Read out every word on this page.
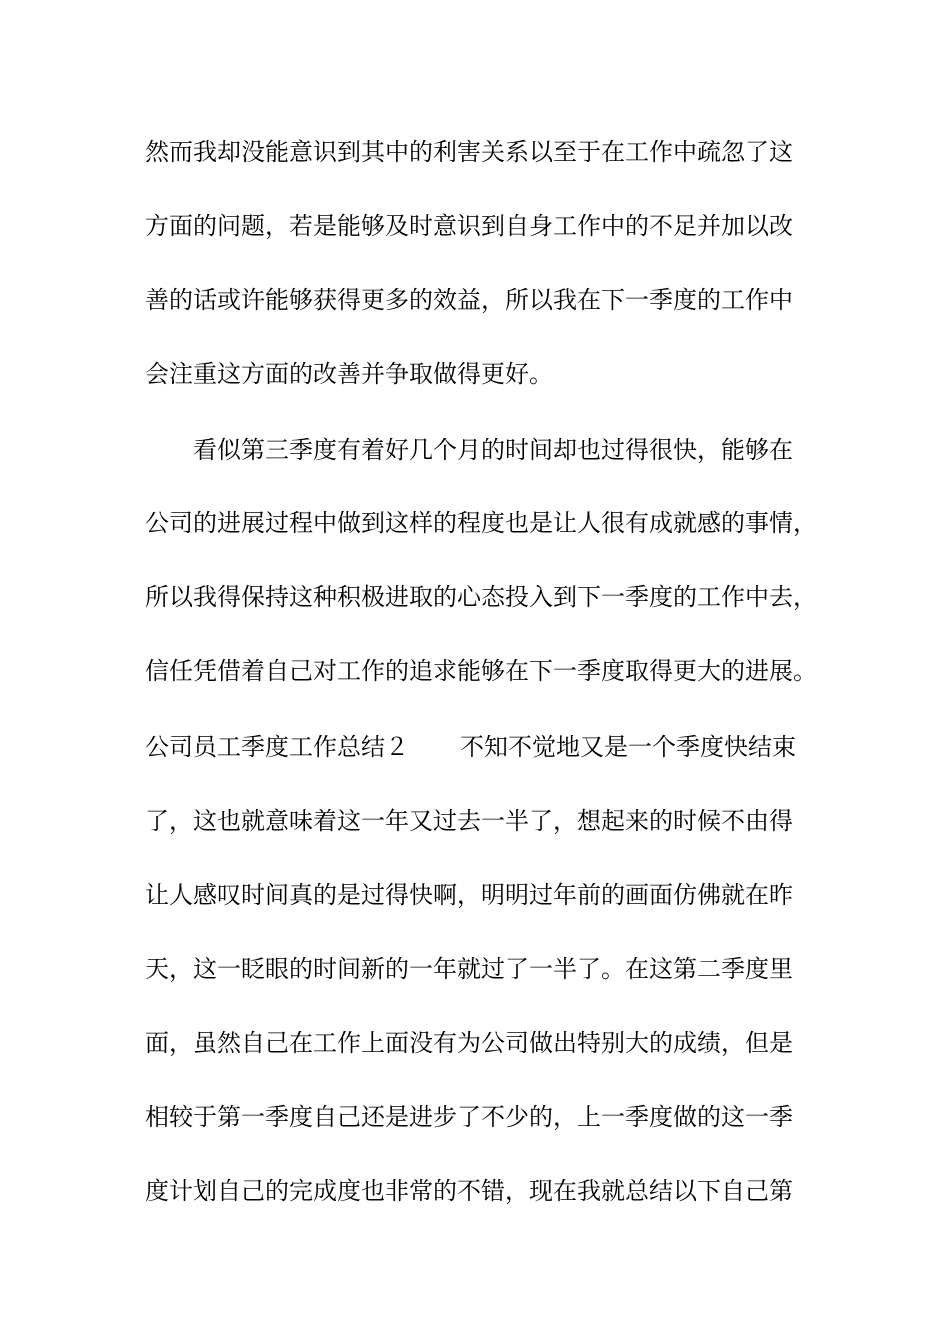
然而我却没能意识到其中的利害关系以至于在工作中疏忽了这
方面的问题，若是能够及时意识到自身工作中的不足并加以改
善的话或许能够获得更多的效益，所以我在下一季度的工作中
会注重这方面的改善并争取做得更好。
看似第三季度有着好几个月的时间却也过得很快，能够在
公司的进展过程中做到这样的程度也是让人很有成就感的事情，
所以我得保持这种积极进取的心态投入到下一季度的工作中去，
信任凭借着自己对工作的追求能够在下一季度取得更大的进展。
公司员工季度工作总结２ 不知不觉地又是一个季度快结束
了，这也就意味着这一年又过去一半了，想起来的时候不由得
让人感叹时间真的是过得快啊，明明过年前的画面仿佛就在昨
天，这一眨眼的时间新的一年就过了一半了。在这第二季度里
面，虽然自己在工作上面没有为公司做出特别大的成绩，但是
相较于第一季度自己还是进步了不少的，上一季度做的这一季
度计划自己的完成度也非常的不错，现在我就总结以下自己第
